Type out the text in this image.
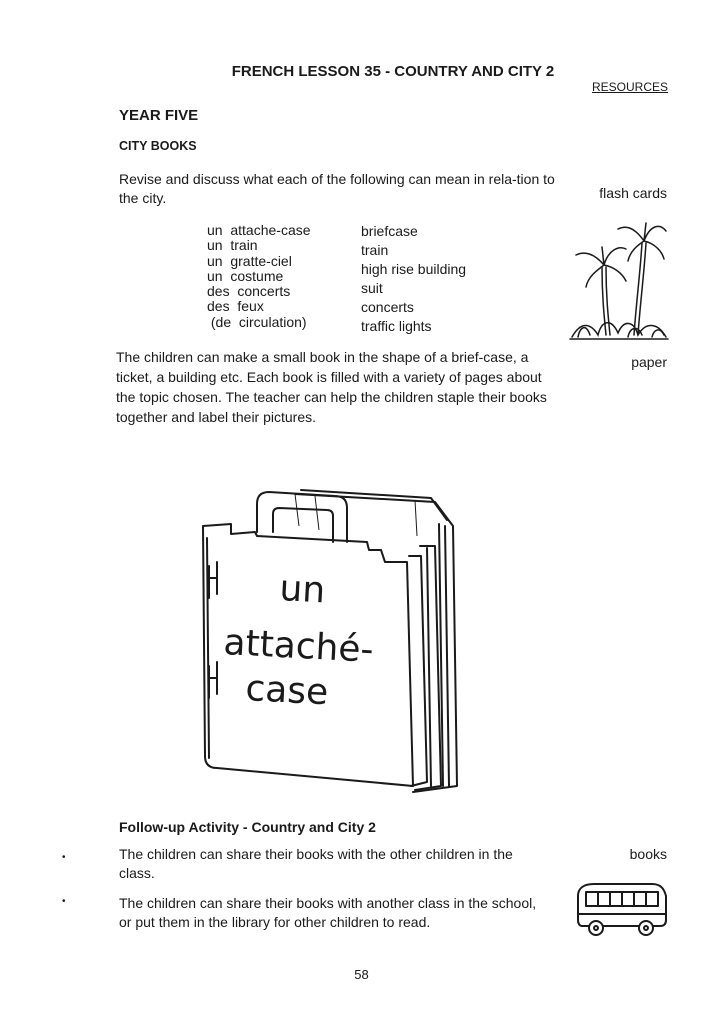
FRENCH LESSON 35 - COUNTRY AND CITY 2
RESOURCES
YEAR FIVE
CITY BOOKS
Revise and discuss what each of the following can mean in rela-tion to the city.
un  attache-case
un  train
un  gratte-ciel
un  costume
des  concerts
des  feux
(de  circulation)
briefcase
train
high rise building
suit
concerts
traffic lights
flash cards
paper
The children can make a small book in the shape of a brief-case, a ticket, a building etc. Each book is filled with a variety of pages about the topic chosen. The teacher can help the children staple their books together and label their pictures.
un
attaché-
case
Follow-up Activity - Country and City 2
•	The children can share their books with the other children in the class.
•	The children can share their books with another class in the school, or put them in the library for other children to read.
books
58
